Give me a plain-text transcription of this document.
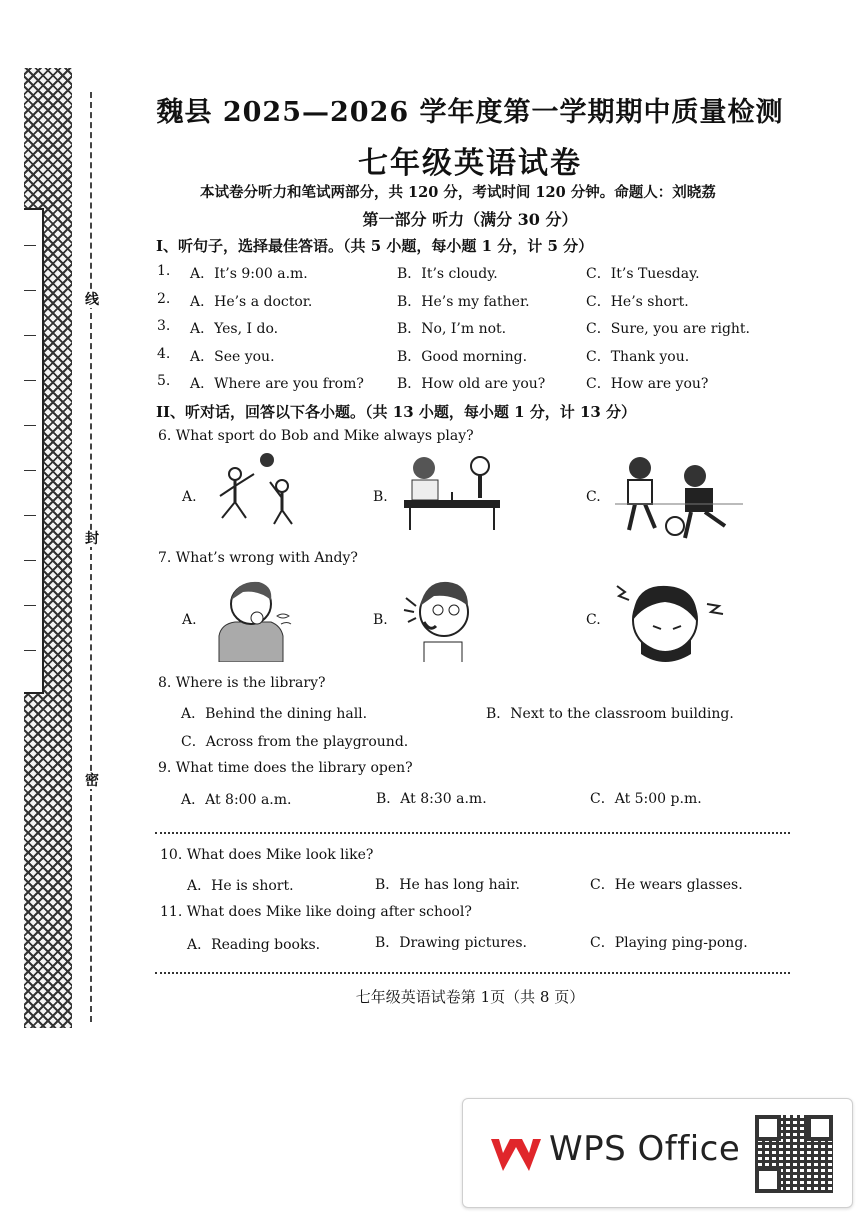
线
封
密
魏县 2025—2026 学年度第一学期期中质量检测
七年级英语试卷
本试卷分听力和笔试两部分，共 120 分，考试时间 120 分钟。命题人：刘晓荔
第一部分 听力（满分 30 分）
I、听句子，选择最佳答语。（共 5 小题，每小题 1 分，计 5 分）
1. A．It’s 9:00 a.m.	B．It’s cloudy.	C．It’s Tuesday.
2. A．He’s a doctor.	B．He’s my father.	C．He’s short.
3. A．Yes, I do.	B．No, I’m not.	C．Sure, you are right.
4. A．See you.	B．Good morning.	C．Thank you.
5. A．Where are you from? B．How old are you?	C．How are you?
II、听对话，回答以下各小题。（共 13 小题，每小题 1 分，计 13 分）
6. What sport do Bob and Mike always play?
A.	B.	C.
7. What’s wrong with Andy?
A.	B.	C.
8. Where is the library?
A．Behind the dining hall.	B．Next to the classroom building.
C．Across from the playground.
9. What time does the library open?
A．At 8:00 a.m.	B．At 8:30 a.m.	C．At 5:00 p.m.
10. What does Mike look like?
A．He is short.	B．He has long hair.	C．He wears glasses.
11. What does Mike like doing after school?
A．Reading books.	B．Drawing pictures.	C．Playing ping-pong.
七年级英语试卷第 1页（共 8 页）
WPS Office
